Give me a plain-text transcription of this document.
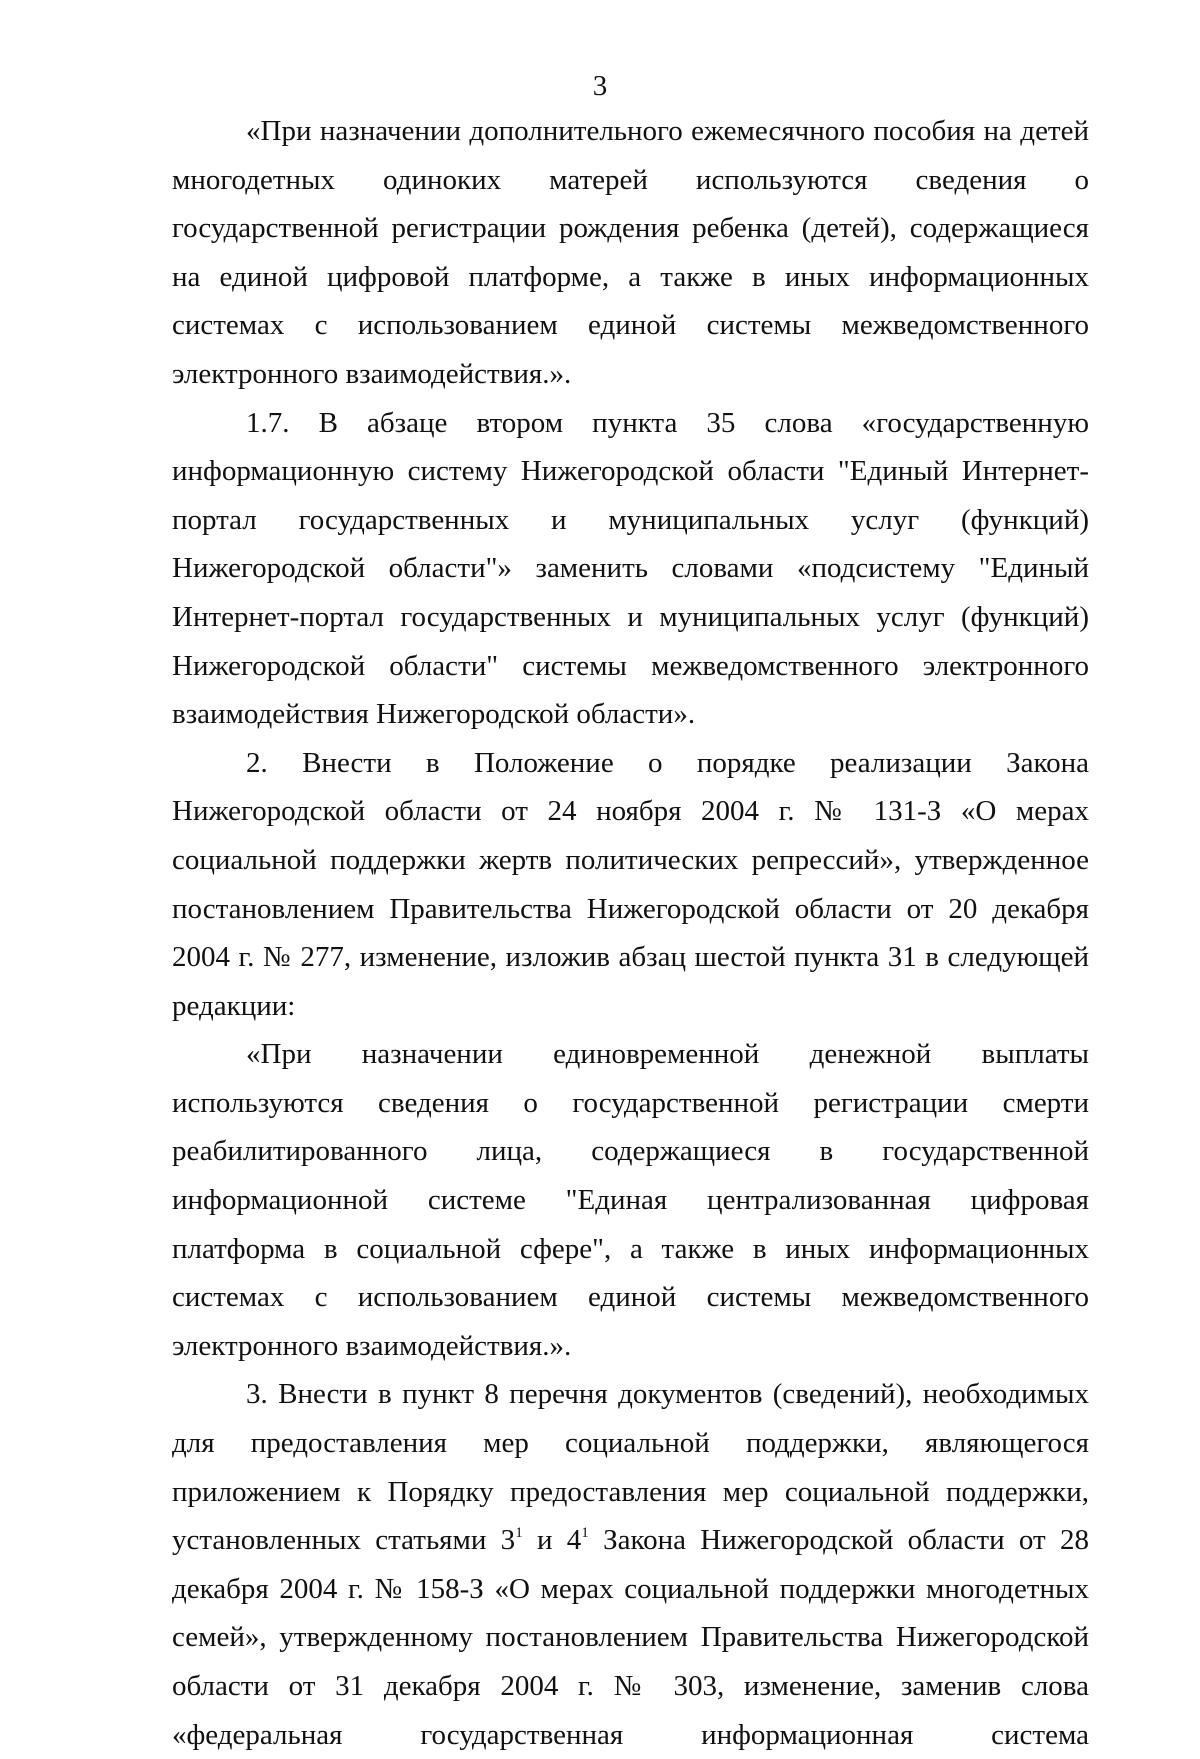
3

«При назначении дополнительного ежемесячного пособия на детей многодетных одиноких матерей используются сведения о государственной регистрации рождения ребенка (детей), содержащиеся на единой цифровой платформе, а также в иных информационных системах с использованием единой системы межведомственного электронного взаимодействия.».

1.7. В абзаце втором пункта 35 слова «государственную информационную систему Нижегородской области "Единый Интернет-портал государственных и муниципальных услуг (функций) Нижегородской области"» заменить словами «подсистему "Единый Интернет-портал государственных и муниципальных услуг (функций) Нижегородской области" системы межведомственного электронного взаимодействия Нижегородской области».

2. Внести в Положение о порядке реализации Закона Нижегородской области от 24 ноября 2004 г. № 131-З «О мерах социальной поддержки жертв политических репрессий», утвержденное постановлением Правительства Нижегородской области от 20 декабря 2004 г. № 277, изменение, изложив абзац шестой пункта 31 в следующей редакции:

«При назначении единовременной денежной выплаты используются сведения о государственной регистрации смерти реабилитированного лица, содержащиеся в государственной информационной системе "Единая централизованная цифровая платформа в социальной сфере", а также в иных информационных системах с использованием единой системы межведомственного электронного взаимодействия.».

3. Внести в пункт 8 перечня документов (сведений), необходимых для предоставления мер социальной поддержки, являющегося приложением к Порядку предоставления мер социальной поддержки, установленных статьями $3^1$ и $4^1$ Закона Нижегородской области от 28 декабря 2004 г. № 158-З «О мерах социальной поддержки многодетных семей», утвержденному постановлением Правительства Нижегородской области от 31 декабря 2004 г. № 303, изменение, заменив слова «федеральная государственная информационная система
